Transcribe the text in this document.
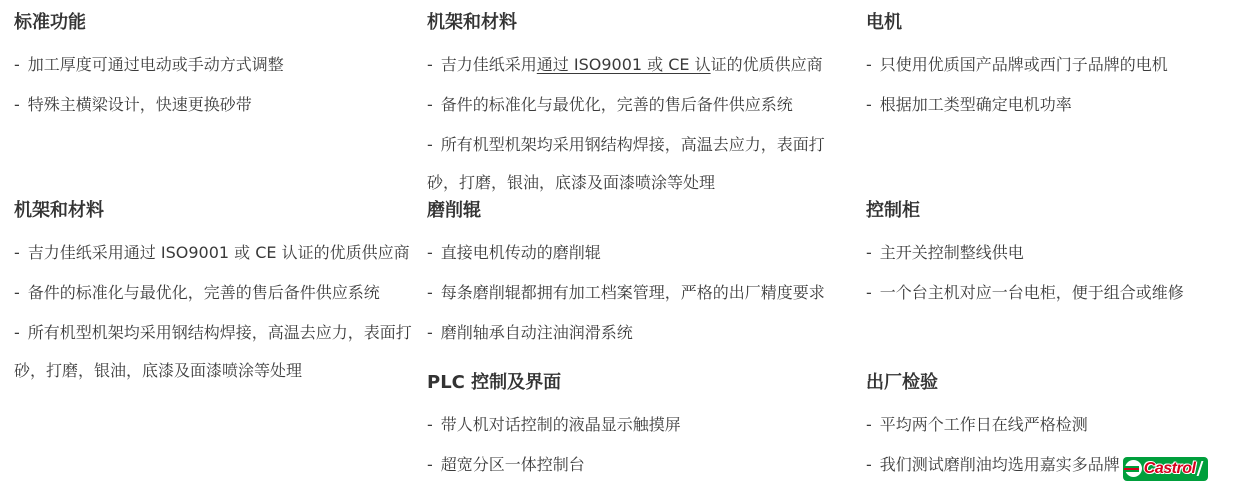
标准功能

- 加工厚度可通过电动或手动方式调整

- 特殊主横梁设计，快速更换砂带

机架和材料

- 吉力佳纸采用通过 ISO9001 或 CE 认证的优质供应商

- 备件的标准化与最优化，完善的售后备件供应系统

- 所有机型机架均采用钢结构焊接，高温去应力，表面打砂，打磨，银油，底漆及面漆喷涂等处理

电机

- 只使用优质国产品牌或西门子品牌的电机

- 根据加工类型确定电机功率

机架和材料

- 吉力佳纸采用通过 ISO9001 或 CE 认证的优质供应商

- 备件的标准化与最优化，完善的售后备件供应系统

- 所有机型机架均采用钢结构焊接，高温去应力，表面打砂，打磨，银油，底漆及面漆喷涂等处理

磨削辊

- 直接电机传动的磨削辊

- 每条磨削辊都拥有加工档案管理，严格的出厂精度要求

- 磨削轴承自动注油润滑系统

控制柜

- 主开关控制整线供电

- 一个台主机对应一台电柜，便于组合或维修

PLC 控制及界面

- 带人机对话控制的液晶显示触摸屏

- 超宽分区一体控制台

出厂检验

- 平均两个工作日在线严格检测

- 我们测试磨削油均选用嘉实多品牌 Castrol
